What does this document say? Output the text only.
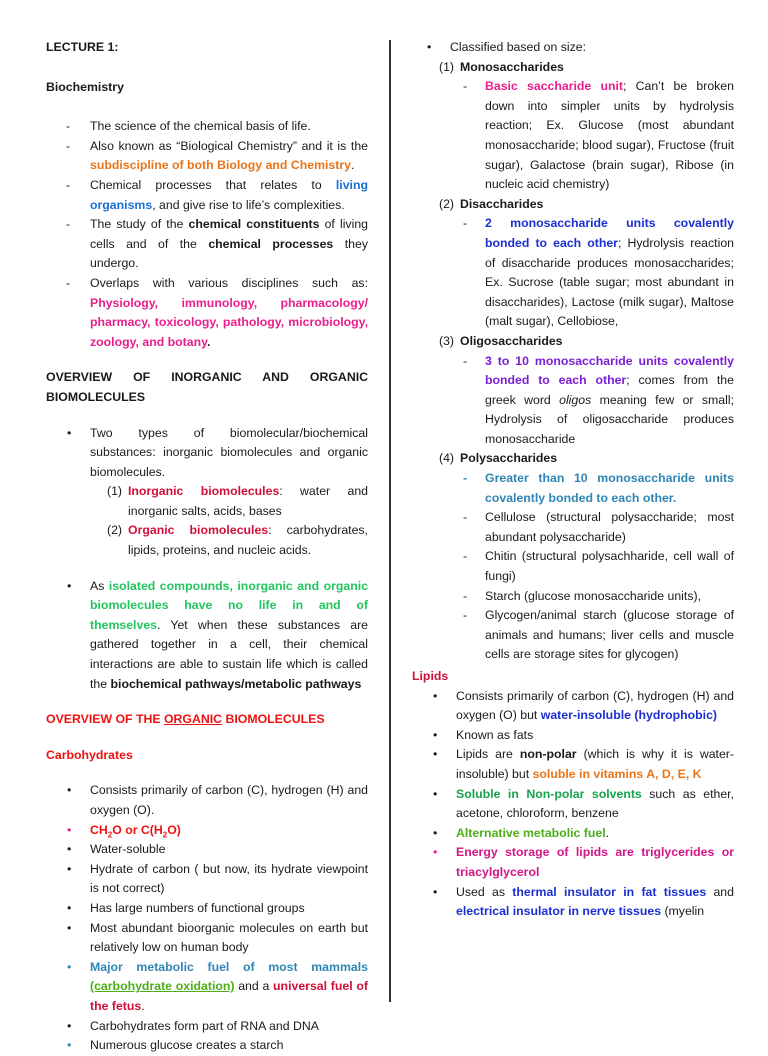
LECTURE 1:

Biochemistry

- The science of the chemical basis of life.
- Also known as “Biological Chemistry” and it is the subdiscipline of both Biology and Chemistry.
- Chemical processes that relates to living organisms, and give rise to life’s complexities.
- The study of the chemical constituents of living cells and of the chemical processes they undergo.
- Overlaps with various disciplines such as: Physiology, immunology, pharmacology/ pharmacy, toxicology, pathology, microbiology, zoology, and botany.

OVERVIEW OF INORGANIC AND ORGANIC BIOMOLECULES

• Two types of biomolecular/biochemical substances: inorganic biomolecules and organic biomolecules.
(1) Inorganic biomolecules: water and inorganic salts, acids, bases
(2) Organic biomolecules: carbohydrates, lipids, proteins, and nucleic acids.
• As isolated compounds, inorganic and organic biomolecules have no life in and of themselves. Yet when these substances are gathered together in a cell, their chemical interactions are able to sustain life which is called the biochemical pathways/metabolic pathways

OVERVIEW OF THE ORGANIC BIOMOLECULES

Carbohydrates

• Consists primarily of carbon (C), hydrogen (H) and oxygen (O).
• $CH_2O$ or $C(H_2O)$
• Water-soluble
• Hydrate of carbon ( but now, its hydrate viewpoint is not correct)
• Has large numbers of functional groups
• Most abundant bioorganic molecules on earth but relatively low on human body
• Major metabolic fuel of most mammals (carbohydrate oxidation) and a universal fuel of the fetus.
• Carbohydrates form part of RNA and DNA
• Numerous glucose creates a starch
• Classified based on size:
(1) Monosaccharides
- Basic saccharide unit; Can’t be broken down into simpler units by hydrolysis reaction; Ex. Glucose (most abundant monosaccharide; blood sugar), Fructose (fruit sugar), Galactose (brain sugar), Ribose (in nucleic acid chemistry)
(2) Disaccharides
- 2 monosaccharide units covalently bonded to each other; Hydrolysis reaction of disaccharide produces monosaccharides; Ex. Sucrose (table sugar; most abundant in disaccharides), Lactose (milk sugar), Maltose (malt sugar), Cellobiose,
(3) Oligosaccharides
- 3 to 10 monosaccharide units covalently bonded to each other; comes from the greek word oligos meaning few or small; Hydrolysis of oligosaccharide produces monosaccharide
(4) Polysaccharides
- Greater than 10 monosaccharide units covalently bonded to each other.
- Cellulose (structural polysaccharide; most abundant polysaccharide)
- Chitin (structural polysachharide, cell wall of fungi)
- Starch (glucose monosaccharide units),
- Glycogen/animal starch (glucose storage of animals and humans; liver cells and muscle cells are storage sites for glycogen)

Lipids

• Consists primarily of carbon (C), hydrogen (H) and oxygen (O) but water-insoluble (hydrophobic)
• Known as fats
• Lipids are non-polar (which is why it is water-insoluble) but soluble in vitamins A, D, E, K
• Soluble in Non-polar solvents such as ether, acetone, chloroform, benzene
• Alternative metabolic fuel.
• Energy storage of lipids are triglycerides or triacylglycerol
• Used as thermal insulator in fat tissues and electrical insulator in nerve tissues (myelin
